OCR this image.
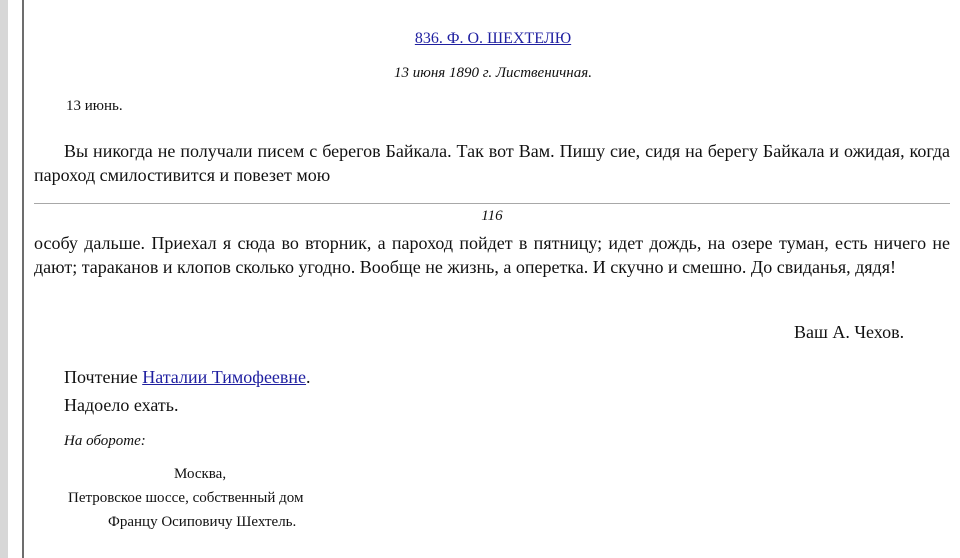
836. Ф. О. ШЕХТЕЛЮ
13 июня 1890 г. Лиственичная.
13 июнь.
Вы никогда не получали писем с берегов Байкала. Так вот Вам. Пишу сие, сидя на берегу Байкала и ожидая, когда пароход смилостивится и повезет мою
116
особу дальше. Приехал я сюда во вторник, а пароход пойдет в пятницу; идет дождь, на озере туман, есть ничего не дают; тараканов и клопов сколько угодно. Вообще не жизнь, а оперетка. И скучно и смешно. До свиданья, дядя!
Ваш А. Чехов.
Почтение Наталии Тимофеевне.
Надоело ехать.
На обороте:
Москва,
Петровское шоссе, собственный дом
Францу Осиповичу Шехтель.
